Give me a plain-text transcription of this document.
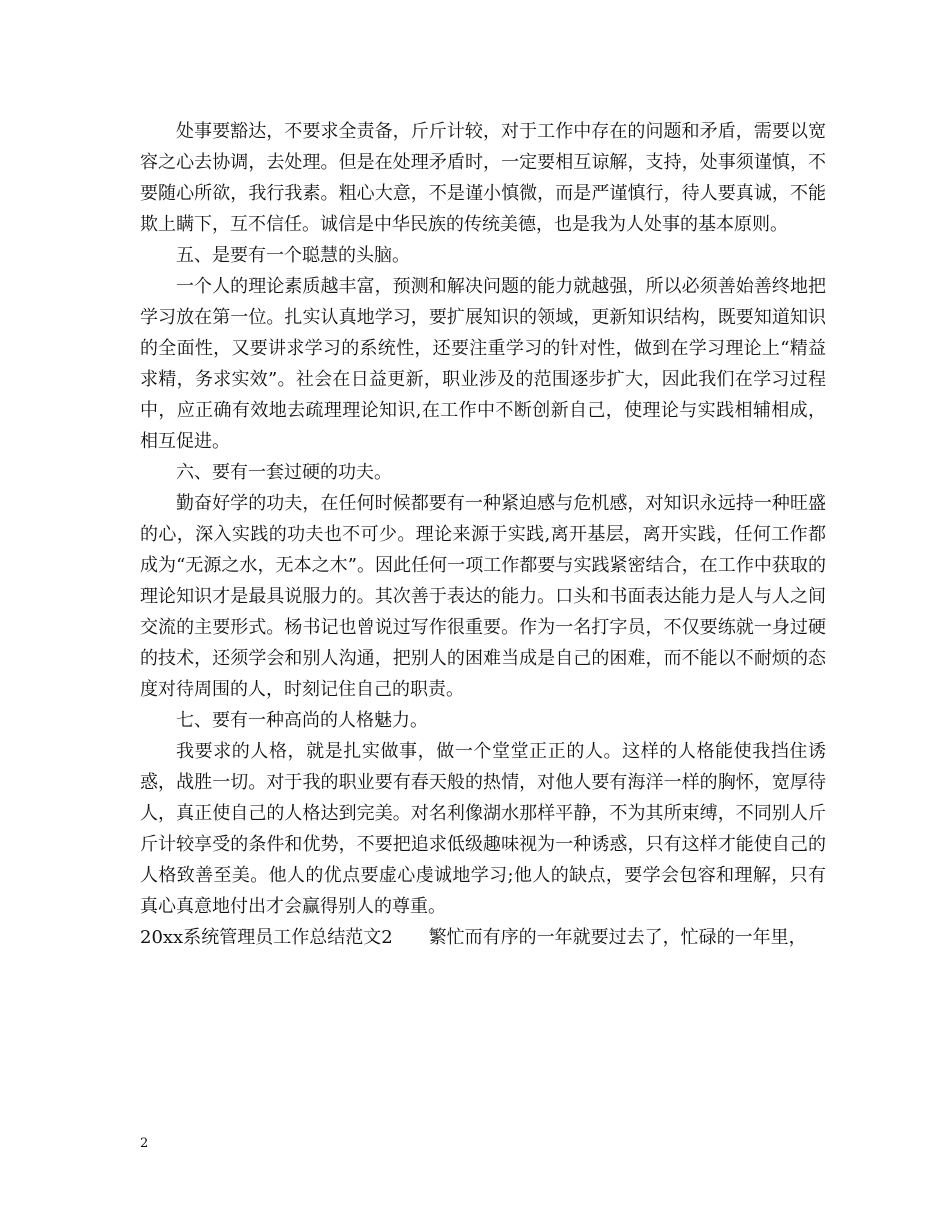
处事要豁达，不要求全责备，斤斤计较，对于工作中存在的问题和矛盾，需要以宽容之心去协调，去处理。但是在处理矛盾时，一定要相互谅解，支持，处事须谨慎，不要随心所欲，我行我素。粗心大意，不是谨小慎微，而是严谨慎行，待人要真诚，不能欺上瞒下，互不信任。诚信是中华民族的传统美德，也是我为人处事的基本原则。

五、是要有一个聪慧的头脑。

一个人的理论素质越丰富，预测和解决问题的能力就越强，所以必须善始善终地把学习放在第一位。扎实认真地学习，要扩展知识的领域，更新知识结构，既要知道知识的全面性，又要讲求学习的系统性，还要注重学习的针对性，做到在学习理论上“精益求精，务求实效”。社会在日益更新，职业涉及的范围逐步扩大，因此我们在学习过程中，应正确有效地去疏理理论知识,在工作中不断创新自己，使理论与实践相辅相成，相互促进。

六、要有一套过硬的功夫。

勤奋好学的功夫，在任何时候都要有一种紧迫感与危机感，对知识永远持一种旺盛的心，深入实践的功夫也不可少。理论来源于实践,离开基层，离开实践，任何工作都成为“无源之水，无本之木”。因此任何一项工作都要与实践紧密结合，在工作中获取的理论知识才是最具说服力的。其次善于表达的能力。口头和书面表达能力是人与人之间交流的主要形式。杨书记也曾说过写作很重要。作为一名打字员，不仅要练就一身过硬的技术，还须学会和别人沟通，把别人的困难当成是自己的困难，而不能以不耐烦的态度对待周围的人，时刻记住自己的职责。

七、要有一种高尚的人格魅力。

我要求的人格，就是扎实做事，做一个堂堂正正的人。这样的人格能使我挡住诱惑，战胜一切。对于我的职业要有春天般的热情，对他人要有海洋一样的胸怀，宽厚待人，真正使自己的人格达到完美。对名利像湖水那样平静，不为其所束缚，不同别人斤斤计较享受的条件和优势，不要把追求低级趣味视为一种诱惑，只有这样才能使自己的人格致善至美。他人的优点要虚心虔诚地学习;他人的缺点，要学会包容和理解，只有真心真意地付出才会赢得别人的尊重。

20xx系统管理员工作总结范文2　　繁忙而有序的一年就要过去了，忙碌的一年里，

2
